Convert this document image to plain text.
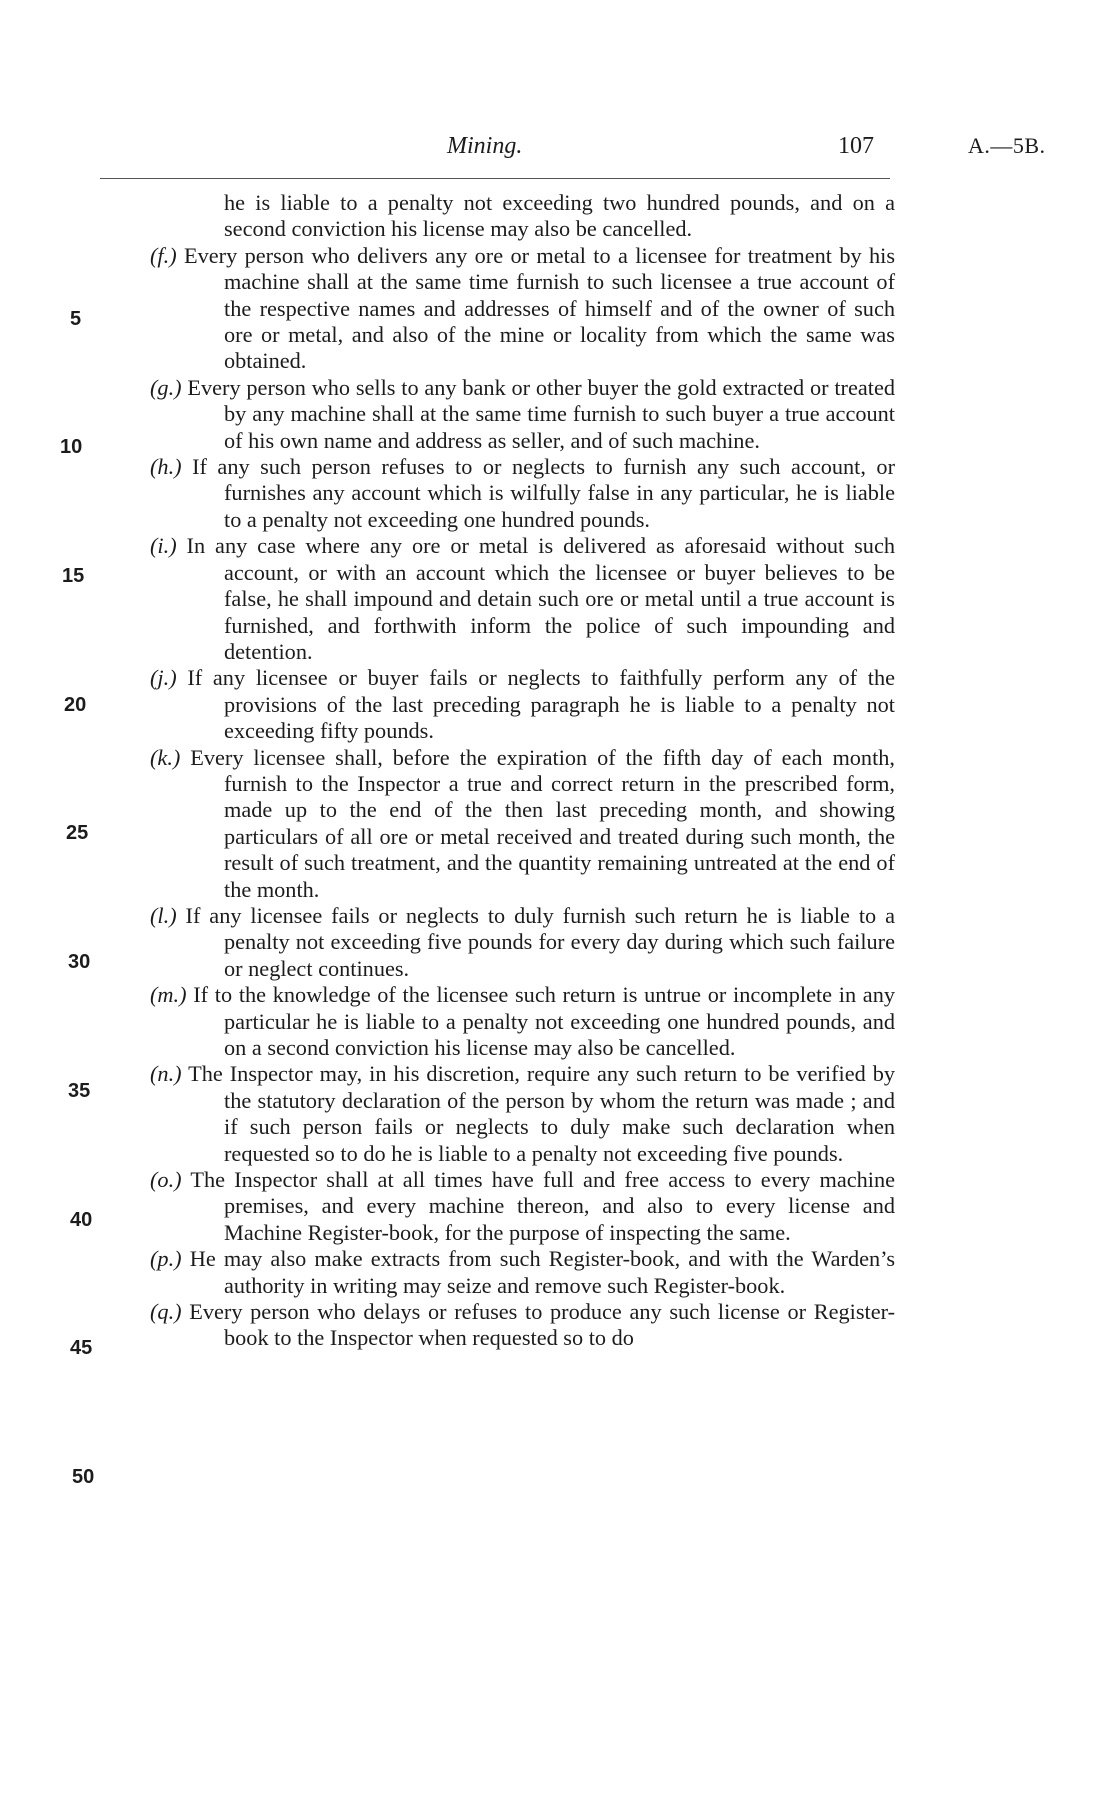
Mining.	107	A.—5B.
5
10
15
20
25
30
35
40
45
50
he is liable to a penalty not exceeding two hundred pounds, and on a second conviction his license may also be cancelled.
(f.) Every person who delivers any ore or metal to a licensee for treatment by his machine shall at the same time furnish to such licensee a true account of the respective names and addresses of himself and of the owner of such ore or metal, and also of the mine or locality from which the same was obtained.
(g.) Every person who sells to any bank or other buyer the gold extracted or treated by any machine shall at the same time furnish to such buyer a true account of his own name and address as seller, and of such machine.
(h.) If any such person refuses to or neglects to furnish any such account, or furnishes any account which is wilfully false in any particular, he is liable to a penalty not exceeding one hundred pounds.
(i.) In any case where any ore or metal is delivered as aforesaid without such account, or with an account which the licensee or buyer believes to be false, he shall impound and detain such ore or metal until a true account is furnished, and forthwith inform the police of such impounding and detention.
(j.) If any licensee or buyer fails or neglects to faithfully perform any of the provisions of the last preceding paragraph he is liable to a penalty not exceeding fifty pounds.
(k.) Every licensee shall, before the expiration of the fifth day of each month, furnish to the Inspector a true and correct return in the prescribed form, made up to the end of the then last preceding month, and showing particulars of all ore or metal received and treated during such month, the result of such treatment, and the quantity remaining untreated at the end of the month.
(l.) If any licensee fails or neglects to duly furnish such return he is liable to a penalty not exceeding five pounds for every day during which such failure or neglect continues.
(m.) If to the knowledge of the licensee such return is untrue or incomplete in any particular he is liable to a penalty not exceeding one hundred pounds, and on a second conviction his license may also be cancelled.
(n.) The Inspector may, in his discretion, require any such return to be verified by the statutory declaration of the person by whom the return was made ; and if such person fails or neglects to duly make such declaration when requested so to do he is liable to a penalty not exceeding five pounds.
(o.) The Inspector shall at all times have full and free access to every machine premises, and every machine thereon, and also to every license and Machine Register-book, for the purpose of inspecting the same.
(p.) He may also make extracts from such Register-book, and with the Warden’s authority in writing may seize and remove such Register-book.
(q.) Every person who delays or refuses to produce any such license or Register-book to the Inspector when requested so to do
